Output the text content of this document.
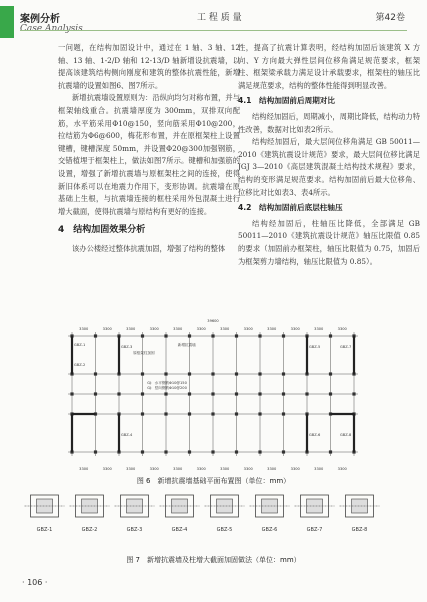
案例分析
Case Analysis
工 程 质 量	第42卷

一问题，在结构加固设计中，通过在 1 轴、3 轴、12 轴、13 轴、1-2/D 轴和 12-13/D 轴新增设抗震墙，以提高该建筑结构侧向刚度和建筑的整体抗震性能，新增抗震墙的设置如图6、图7所示。

新增抗震墙设置原则为：沿纵向均匀对称布置，并与框架轴线重合。抗震墙厚度为 300mm，双排双向配筋，水平筋采用Φ10@150，竖向筋采用Φ10@200，拉结筋为Φ6@600，梅花形布置，并在原框架柱上设置键槽，键槽深度 50mm，并设置Φ20@300加强钢筋，交错植埋于框架柱上，做法如图7所示。键槽和加强筋的设置，增强了新增抗震墙与原框架柱之间的连接，使得新旧体系可以在地震力作用下，变形协调。抗震墙在原基础上生根，与抗震墙连接的框柱采用外包混凝土进行增大截面，使得抗震墙与原结构有更好的连接。

4　结构加固效果分析

该办公楼经过整体抗震加固，增强了结构的整体

性，提高了抗震计算表明，经结构加固后该建筑 X 方向、Y 方向最大弹性层间位移角满足规范要求，框架柱、框架梁承载力满足设计承载要求，框架柱的轴压比满足规范要求，结构的整体性能得到明显改善。

4.1　结构加固前后周期对比

结构经加固后，周期减小，周期比降低，结构动力特性改善，数据对比如表2所示。

结构经加固后，最大层间位移角满足 GB 50011—2010《建筑抗震设计规范》要求，最大层间位移比满足 JGJ 3—2010《高层建筑混凝土结构技术规程》要求，结构的变形满足规范要求。结构加固前后最大位移角、位移比对比如表3、表4所示。

4.2　结构加固前后底层柱轴压

结构经加固后，柱轴压比降低，全部满足 GB 50011—2010《建筑抗震设计规范》轴压比限值 0.85 的要求（加固前办框架柱，轴压比限值为 0.75，加固后为框架剪力墙结构，轴压比限值为 0.85）。

39600
3300
3300
3300
3300
3300
3300
3300
3300
3300
3300
3300
3300
3300
3300
3300
3300
3300
3300
3300
3300
3300
3300
3300
3300
原框架柱加固
GJ：水平钢筋Φ10@150
GJ：竖向钢筋Φ10@200
新增抗震墙
GBZ-1
GBZ-2
GBZ-3
GBZ-4
GBZ-5
GBZ-6
GBZ-7
GBZ-8
图 6　新增抗震墙基础平面布置图（单位：mm）
GBZ-1	GBZ-2	GBZ-3	GBZ-4	GBZ-5	GBZ-6	GBZ-7	GBZ-8
图 7　新增抗震墙及柱增大截面加固做法（单位：mm）
· 106 ·
